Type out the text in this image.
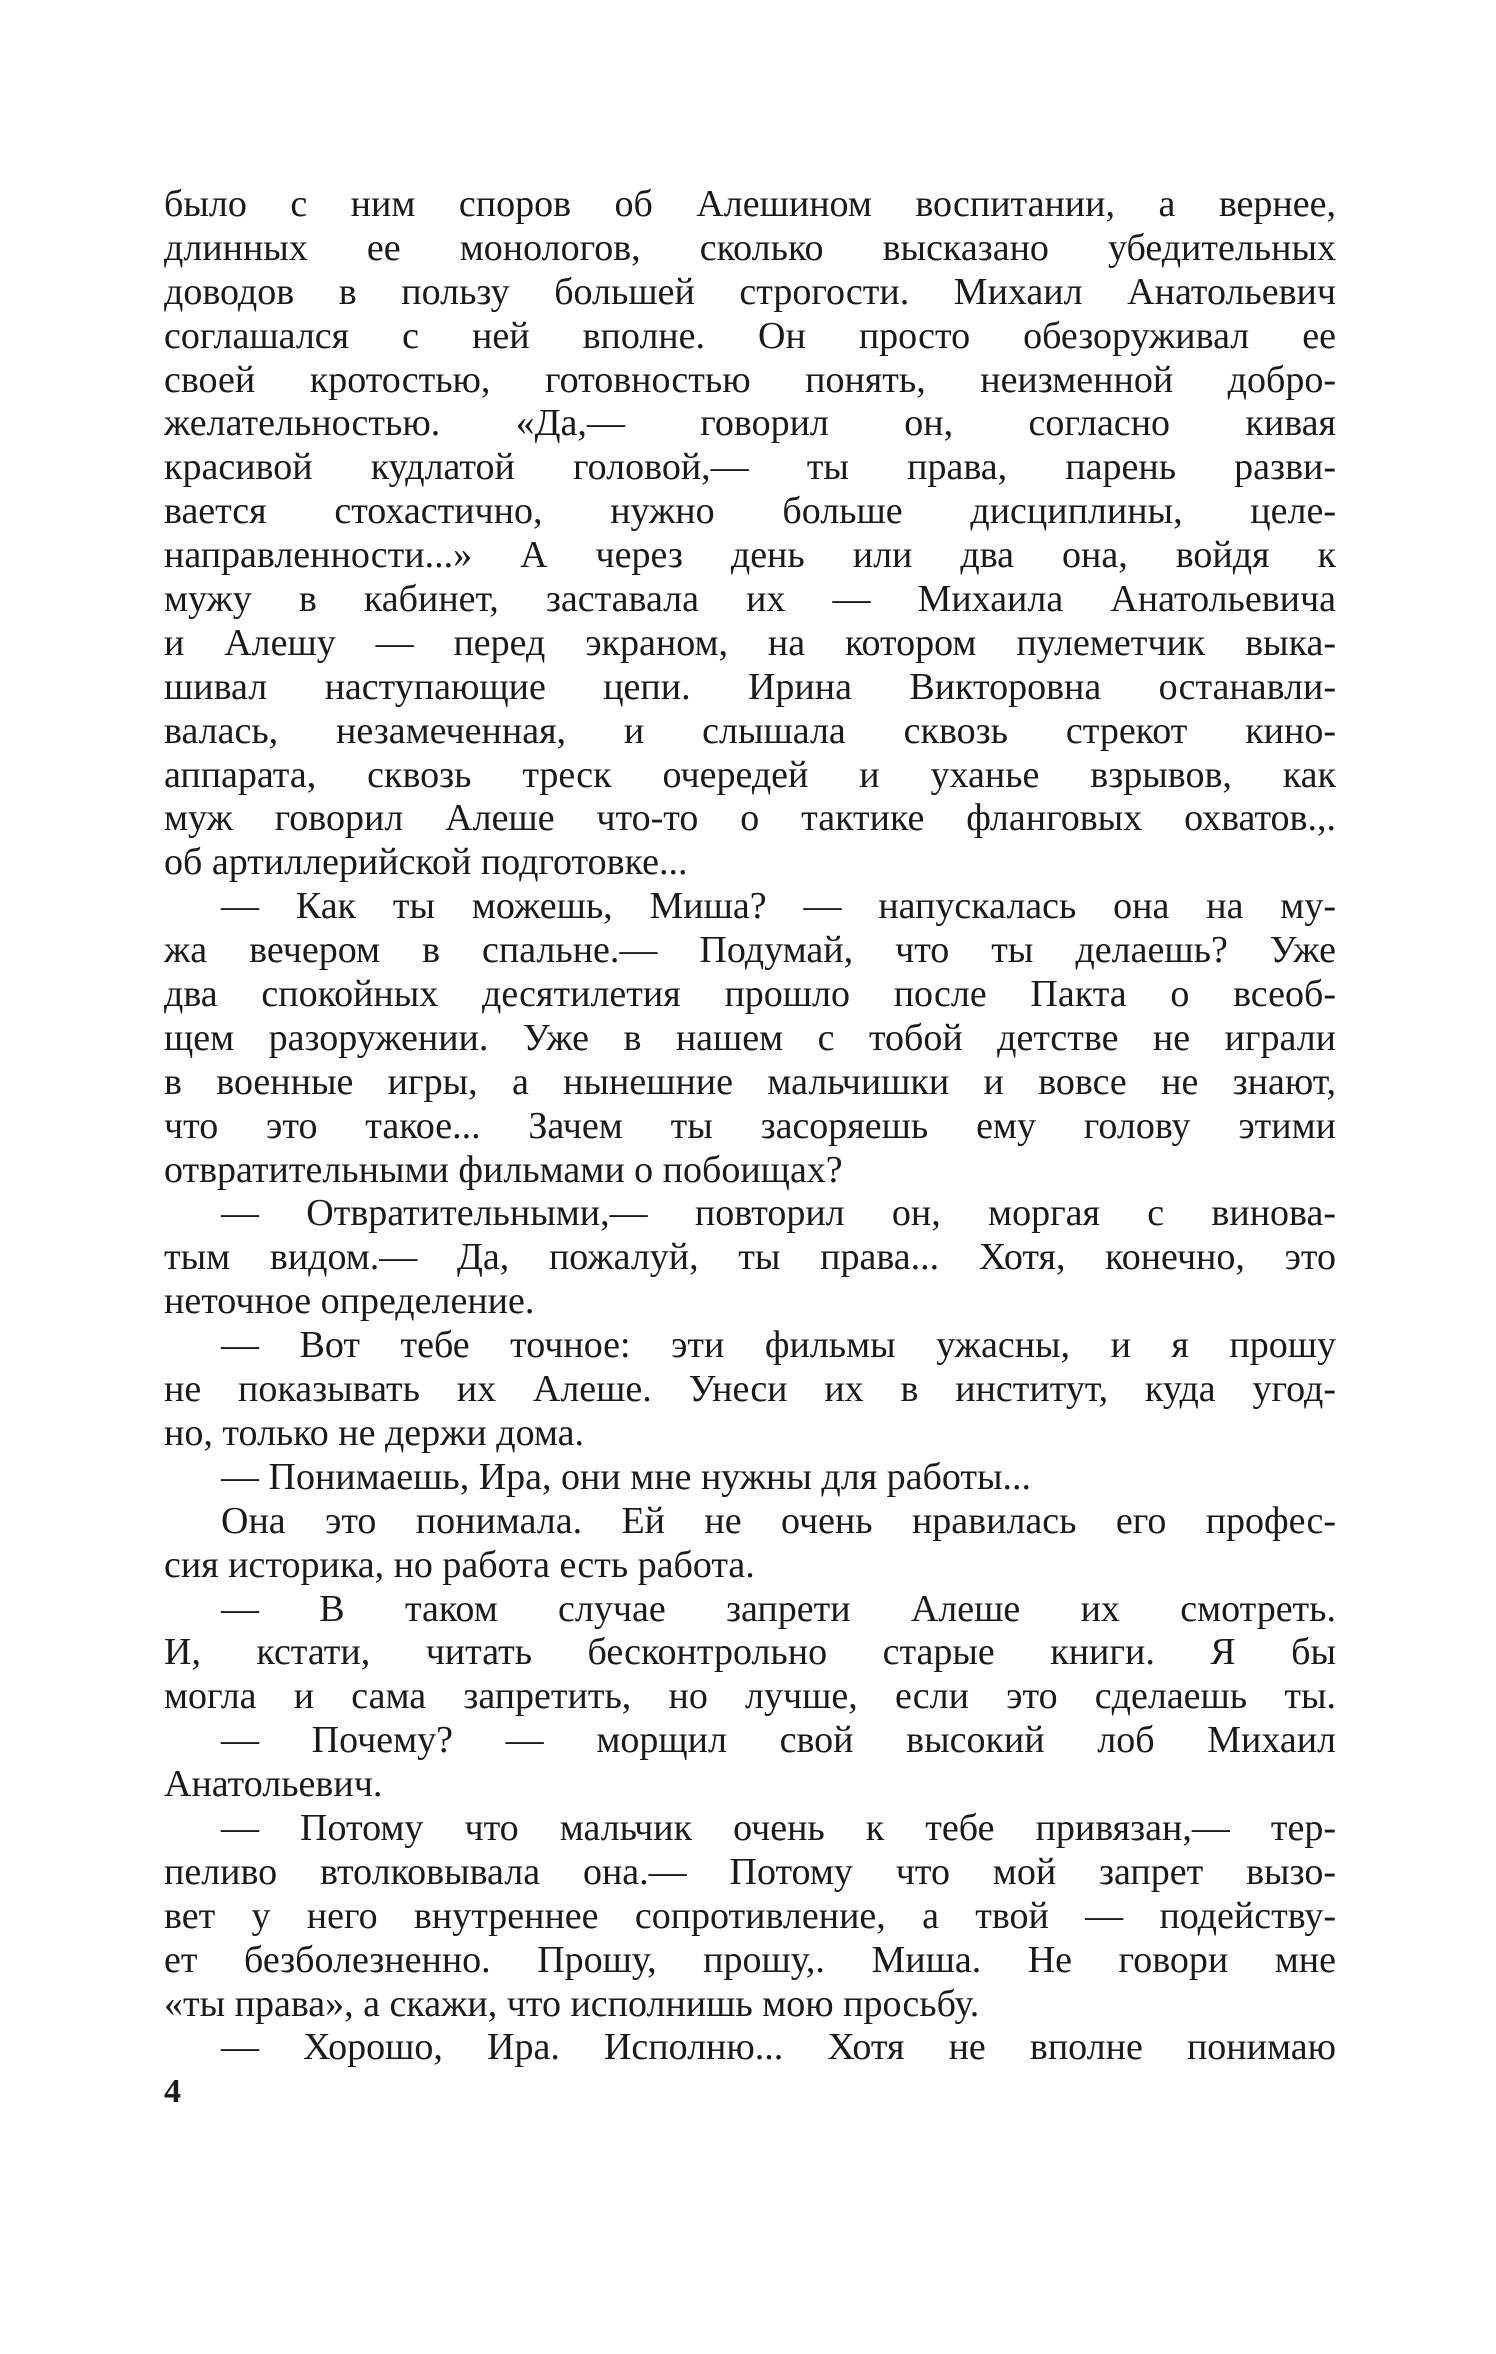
было с ним споров об Алешином воспитании, а вернее,
длинных ее монологов, сколько высказано убедительных
доводов в пользу большей строгости. Михаил Анатольевич
соглашался с ней вполне. Он просто обезоруживал ее
своей кротостью, готовностью понять, неизменной добро-
желательностью. «Да,— говорил он, согласно кивая
красивой кудлатой головой,— ты права, парень разви-
вается стохастично, нужно больше дисциплины, целе-
направленности...» А через день или два она, войдя к
мужу в кабинет, заставала их — Михаила Анатольевича
и Алешу — перед экраном, на котором пулеметчик выка-
шивал наступающие цепи. Ирина Викторовна останавли-
валась, незамеченная, и слышала сквозь стрекот кино-
аппарата, сквозь треск очередей и уханье взрывов, как
муж говорил Алеше что-то о тактике фланговых охватов.,.
об артиллерийской подготовке...
— Как ты можешь, Миша? — напускалась она на му-
жа вечером в спальне.— Подумай, что ты делаешь? Уже
два спокойных десятилетия прошло после Пакта о всеоб-
щем разоружении. Уже в нашем с тобой детстве не играли
в военные игры, а нынешние мальчишки и вовсе не знают,
что это такое... Зачем ты засоряешь ему голову этими
отвратительными фильмами о побоищах?
— Отвратительными,— повторил он, моргая с винова-
тым видом.— Да, пожалуй, ты права... Хотя, конечно, это
неточное определение.
— Вот тебе точное: эти фильмы ужасны, и я прошу
не показывать их Алеше. Унеси их в институт, куда угод-
но, только не держи дома.
— Понимаешь, Ира, они мне нужны для работы...
Она это понимала. Ей не очень нравилась его профес-
сия историка, но работа есть работа.
— В таком случае запрети Алеше их смотреть.
И, кстати, читать бесконтрольно старые книги. Я бы
могла и сама запретить, но лучше, если это сделаешь ты.
— Почему? — морщил свой высокий лоб Михаил
Анатольевич.
— Потому что мальчик очень к тебе привязан,— тер-
пеливо втолковывала она.— Потому что мой запрет вызо-
вет у него внутреннее сопротивление, а твой — подейству-
ет безболезненно. Прошу, прошу,. Миша. Не говори мне
«ты права», а скажи, что исполнишь мою просьбу.
— Хорошо, Ира. Исполню... Хотя не вполне понимаю
4
